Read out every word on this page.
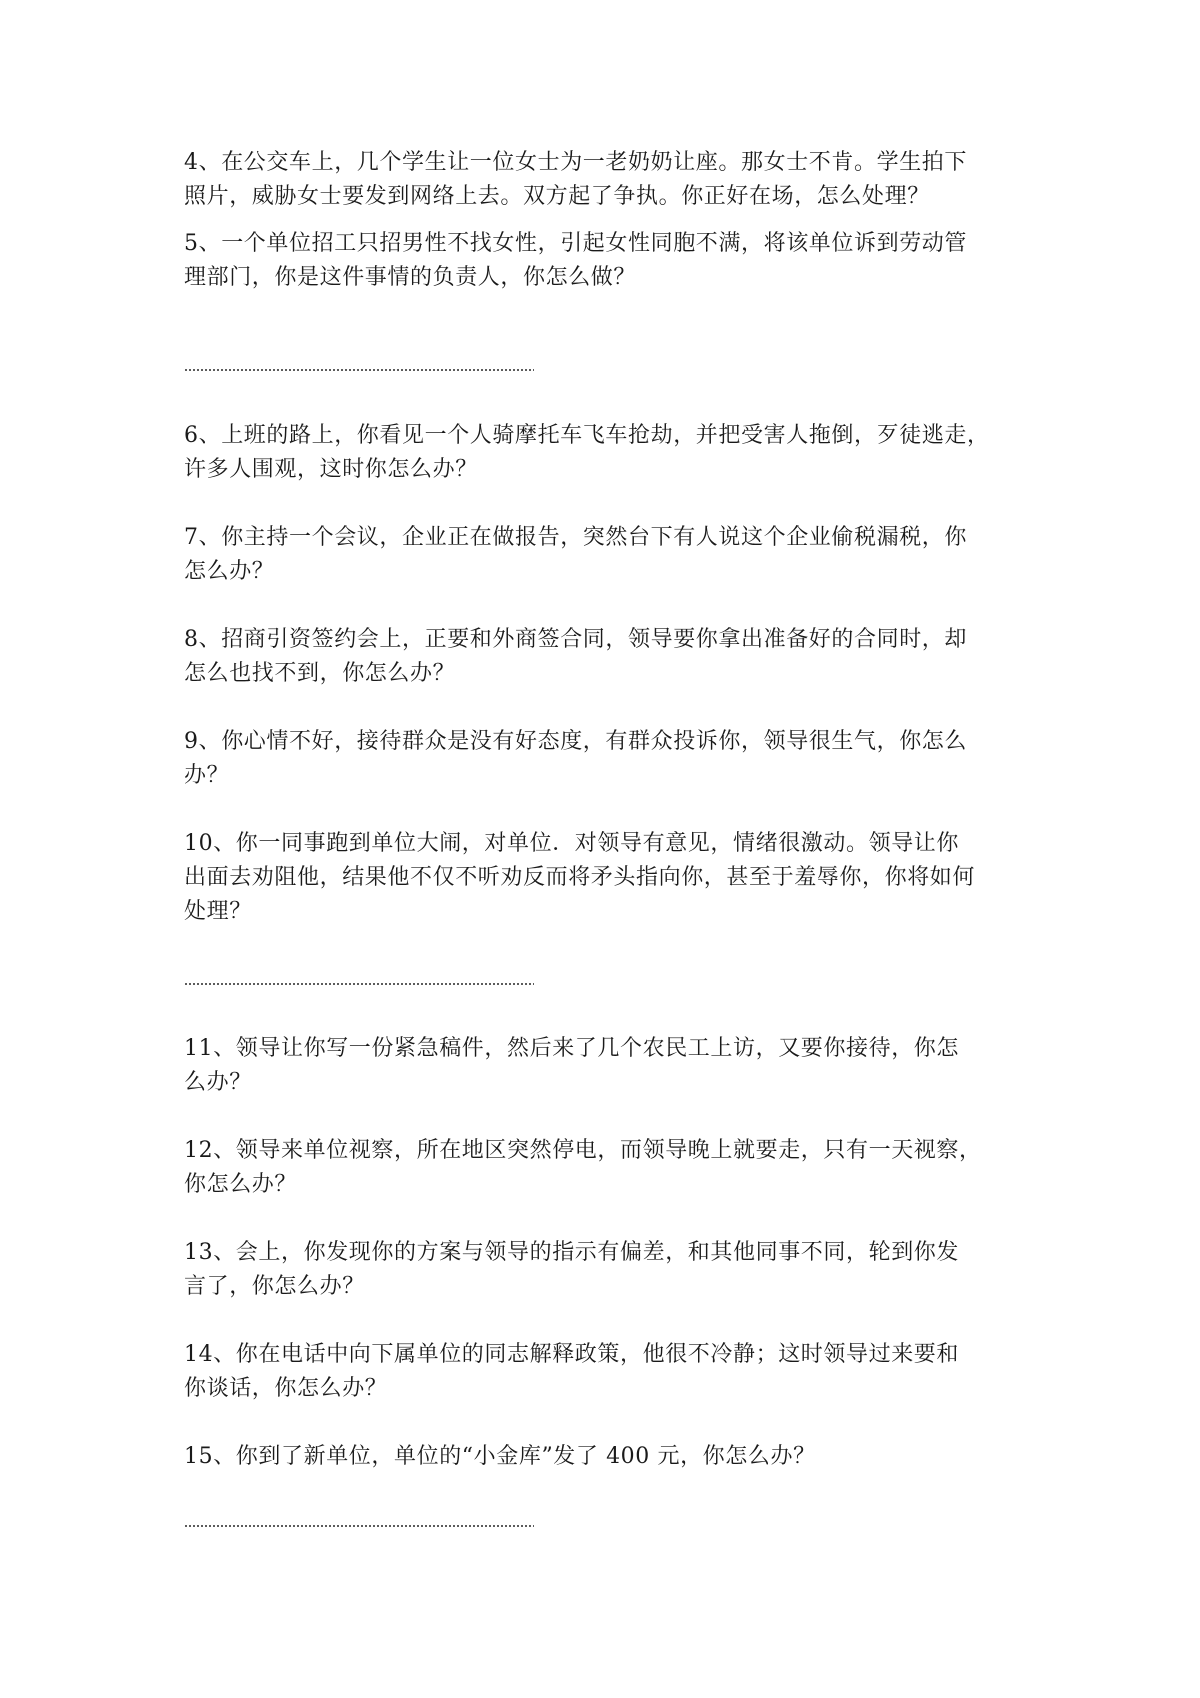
4、在公交车上，几个学生让一位女士为一老奶奶让座。那女士不肯。学生拍下
照片，威胁女士要发到网络上去。双方起了争执。你正好在场，怎么处理？
5、一个单位招工只招男性不找女性，引起女性同胞不满，将该单位诉到劳动管
理部门，你是这件事情的负责人，你怎么做？
6、上班的路上，你看见一个人骑摩托车飞车抢劫，并把受害人拖倒，歹徒逃走，
许多人围观，这时你怎么办？
7、你主持一个会议，企业正在做报告，突然台下有人说这个企业偷税漏税，你
怎么办？
8、招商引资签约会上，正要和外商签合同，领导要你拿出准备好的合同时，却
怎么也找不到，你怎么办？
9、你心情不好，接待群众是没有好态度，有群众投诉你，领导很生气，你怎么
办？
10、你一同事跑到单位大闹，对单位．对领导有意见，情绪很激动。领导让你
出面去劝阻他，结果他不仅不听劝反而将矛头指向你，甚至于羞辱你，你将如何
处理？
11、领导让你写一份紧急稿件，然后来了几个农民工上访，又要你接待，你怎
么办？
12、领导来单位视察，所在地区突然停电，而领导晚上就要走，只有一天视察，
你怎么办？
13、会上，你发现你的方案与领导的指示有偏差，和其他同事不同，轮到你发
言了，你怎么办？
14、你在电话中向下属单位的同志解释政策，他很不冷静；这时领导过来要和
你谈话，你怎么办？
15、你到了新单位，单位的“小金库”发了 400 元，你怎么办？
